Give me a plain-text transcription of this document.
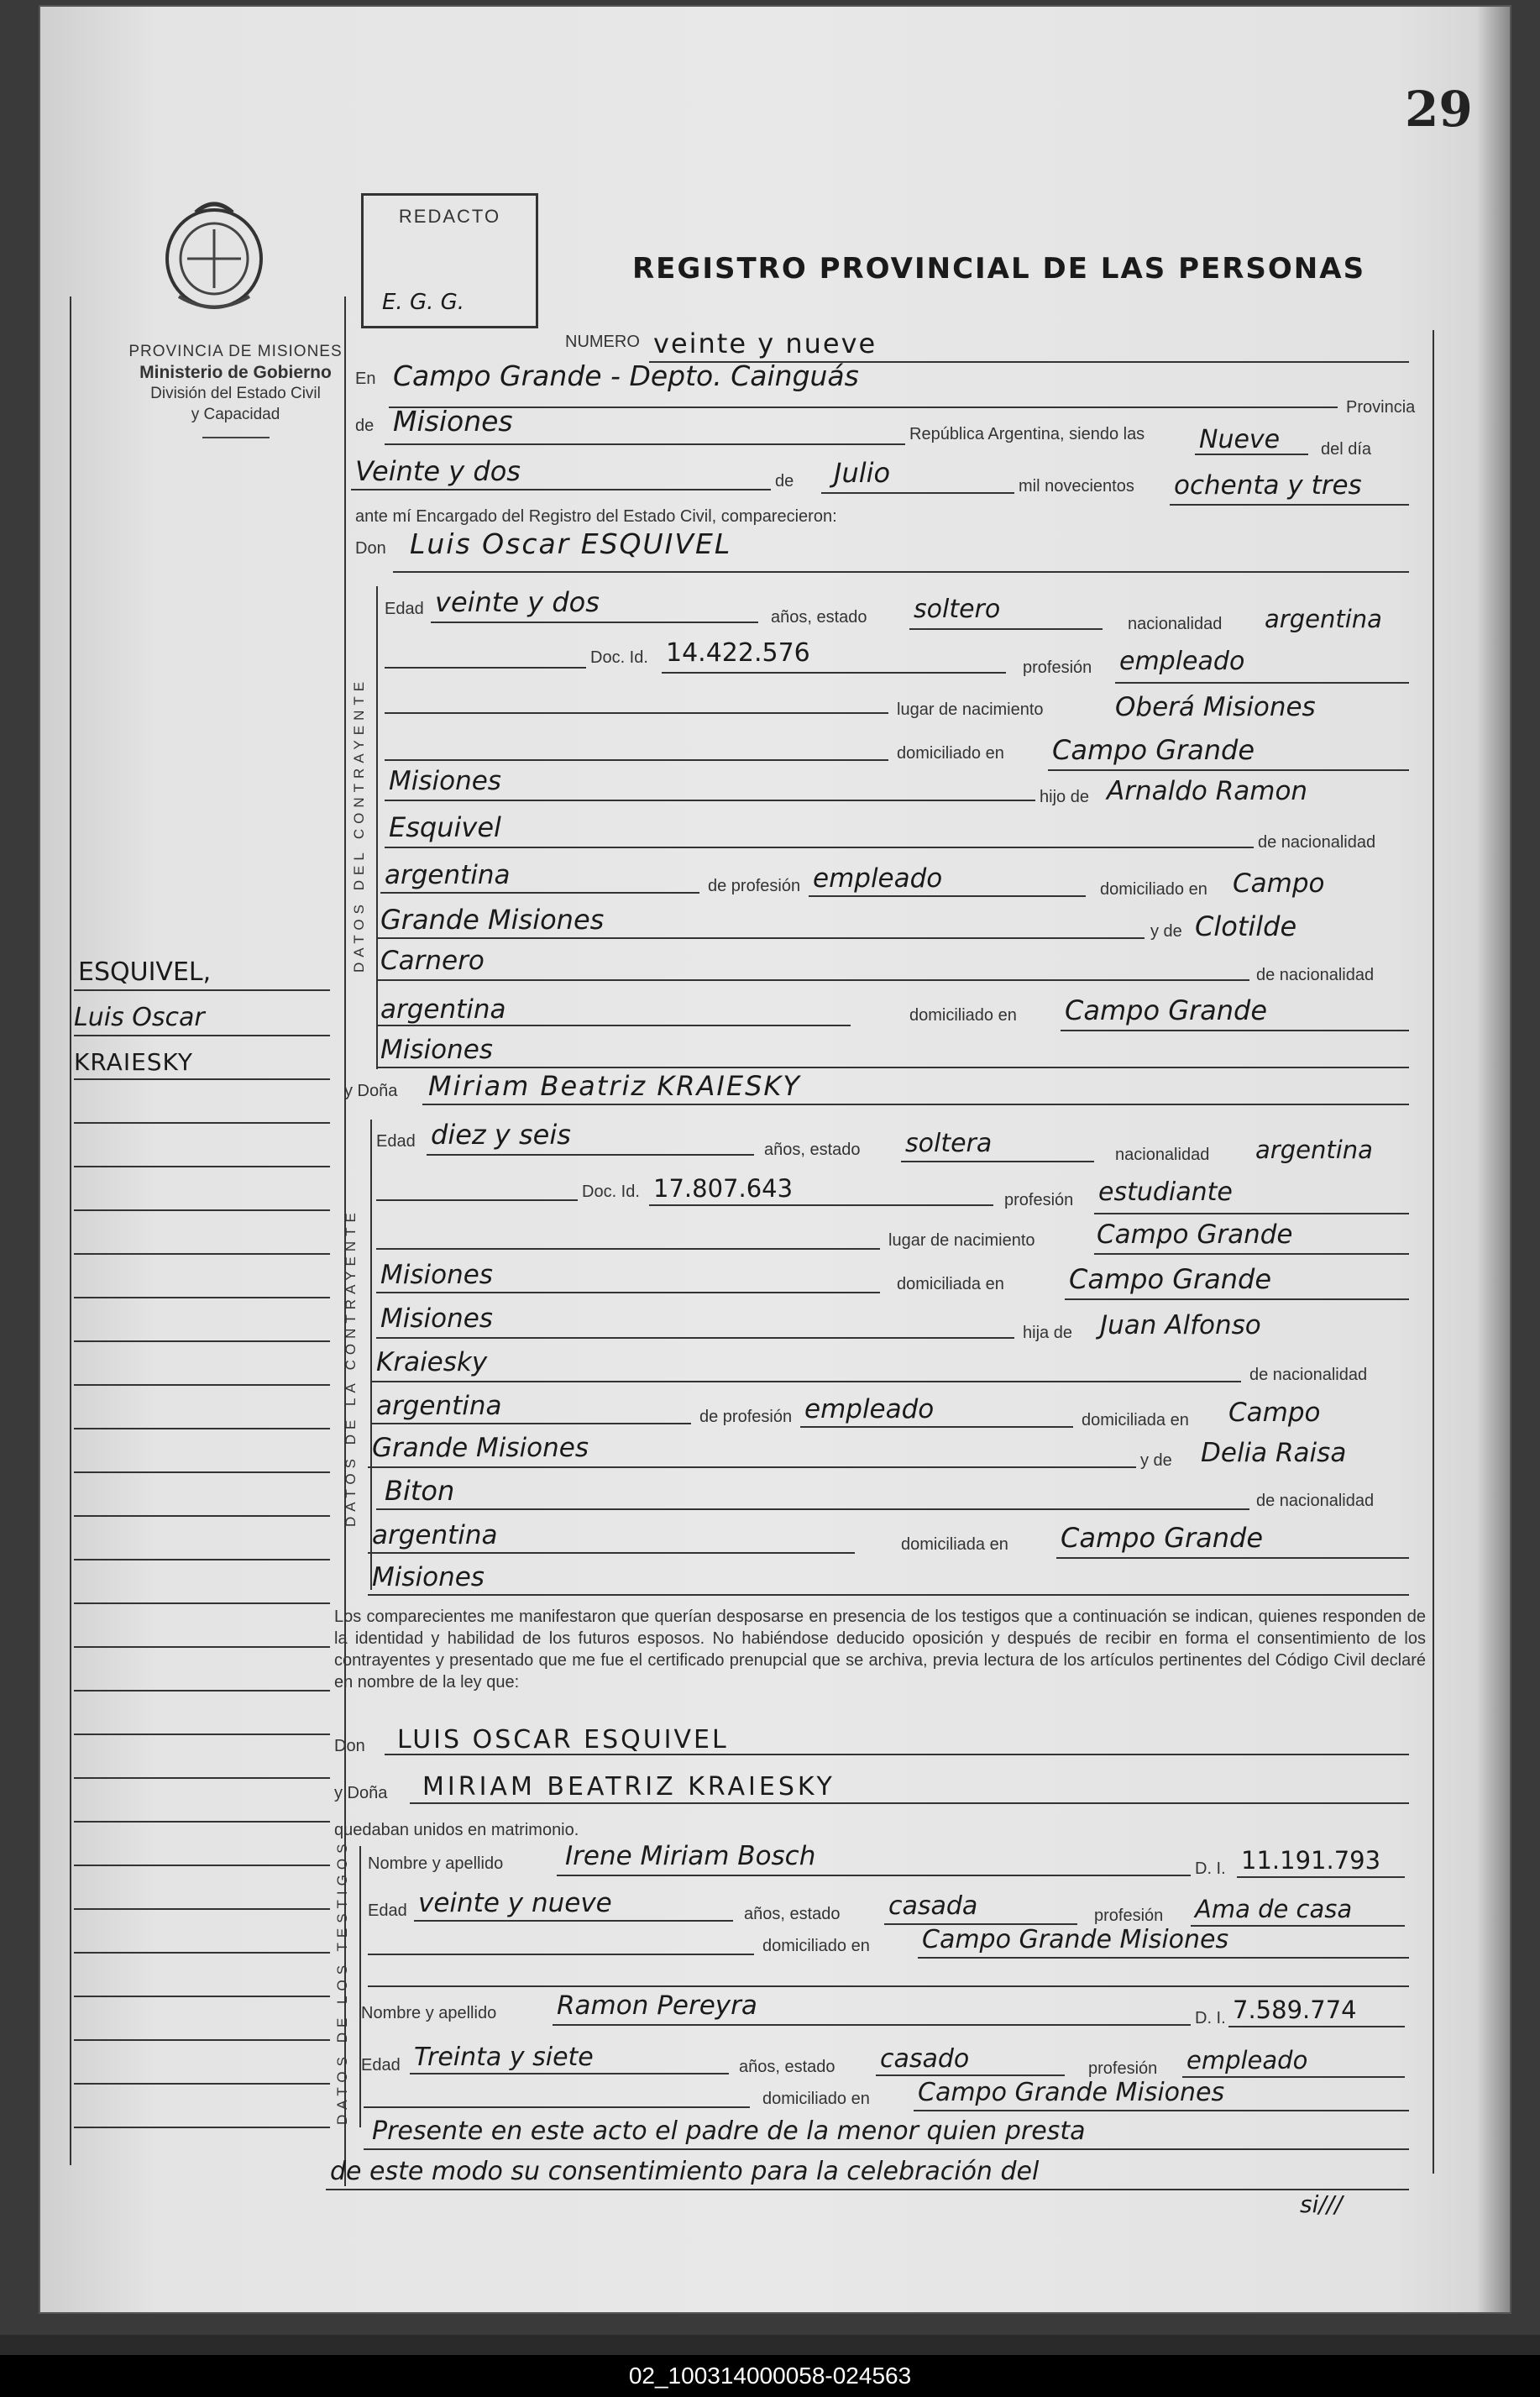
29
PROVINCIA DE MISIONES
Ministerio de Gobierno
División del Estado Civil
y Capacidad
REDACTO
E. G. G.
REGISTRO PROVINCIAL DE LAS PERSONAS
ESQUIVEL,
Luis Oscar
KRAIESKY
NUMERO veinte y nueve
En Campo Grande - Depto. Cainguás
Provincia
de Misiones	República Argentina, siendo las Nueve del día
Veinte y dos	de Julio	mil novecientos ochenta y tres
ante mí Encargado del Registro del Estado Civil, comparecieron:
Don Luis Oscar ESQUIVEL
DATOS DEL CONTRAYENTE
Edad veinte y dos	años, estado soltero	nacionalidad argentina
Doc. Id. 14.422.576	profesión empleado
lugar de nacimiento	Oberá Misiones
domiciliado en Campo Grande
Misiones
hijo de Arnaldo Ramon
Esquivel	de nacionalidad
argentina	de profesión empleado	domiciliado en Campo
Grande Misiones	y de Clotilde
Carnero	de nacionalidad
argentina	domiciliado en Campo Grande
Misiones
y Doña Miriam Beatriz KRAIESKY
DATOS DE LA CONTRAYENTE
Edad diez y seis	años, estado soltera	nacionalidad argentina
Doc. Id. 17.807.643	profesión estudiante
lugar de nacimiento Campo Grande
Misiones	domiciliada en Campo Grande
Misiones	hija de Juan Alfonso
Kraiesky	de nacionalidad
argentina	de profesión empleado	domiciliada en Campo
Grande Misiones	y de Delia Raisa
Biton	de nacionalidad
argentina	domiciliada en Campo Grande
Misiones
Los comparecientes me manifestaron que querían desposarse en presencia de los testigos que a continuación se indican, quienes responden de la identidad y habilidad de los futuros esposos. No habiéndose deducido oposición y después de recibir en forma el consentimiento de los contrayentes y presentado que me fue el certificado prenupcial que se archiva, previa lectura de los artículos pertinentes del Código Civil declaré en nombre de la ley que:
Don LUIS OSCAR ESQUIVEL
y Doña MIRIAM BEATRIZ KRAIESKY
quedaban unidos en matrimonio.
DATOS DE LOS TESTIGOS Nombre y apellido Irene Miriam Bosch	D. I. 11.191.793
Edad veinte y nueve	años, estado casada	profesión Ama de casa
domiciliado en Campo Grande Misiones
Nombre y apellido Ramon Pereyra	D. I. 7.589.774
Edad Treinta y siete	años, estado casado	profesión empleado
domiciliado en Campo Grande Misiones
Presente en este acto el padre de la menor quien presta
de este modo su consentimiento para la celebración del
si///
02_100314000058-024563
